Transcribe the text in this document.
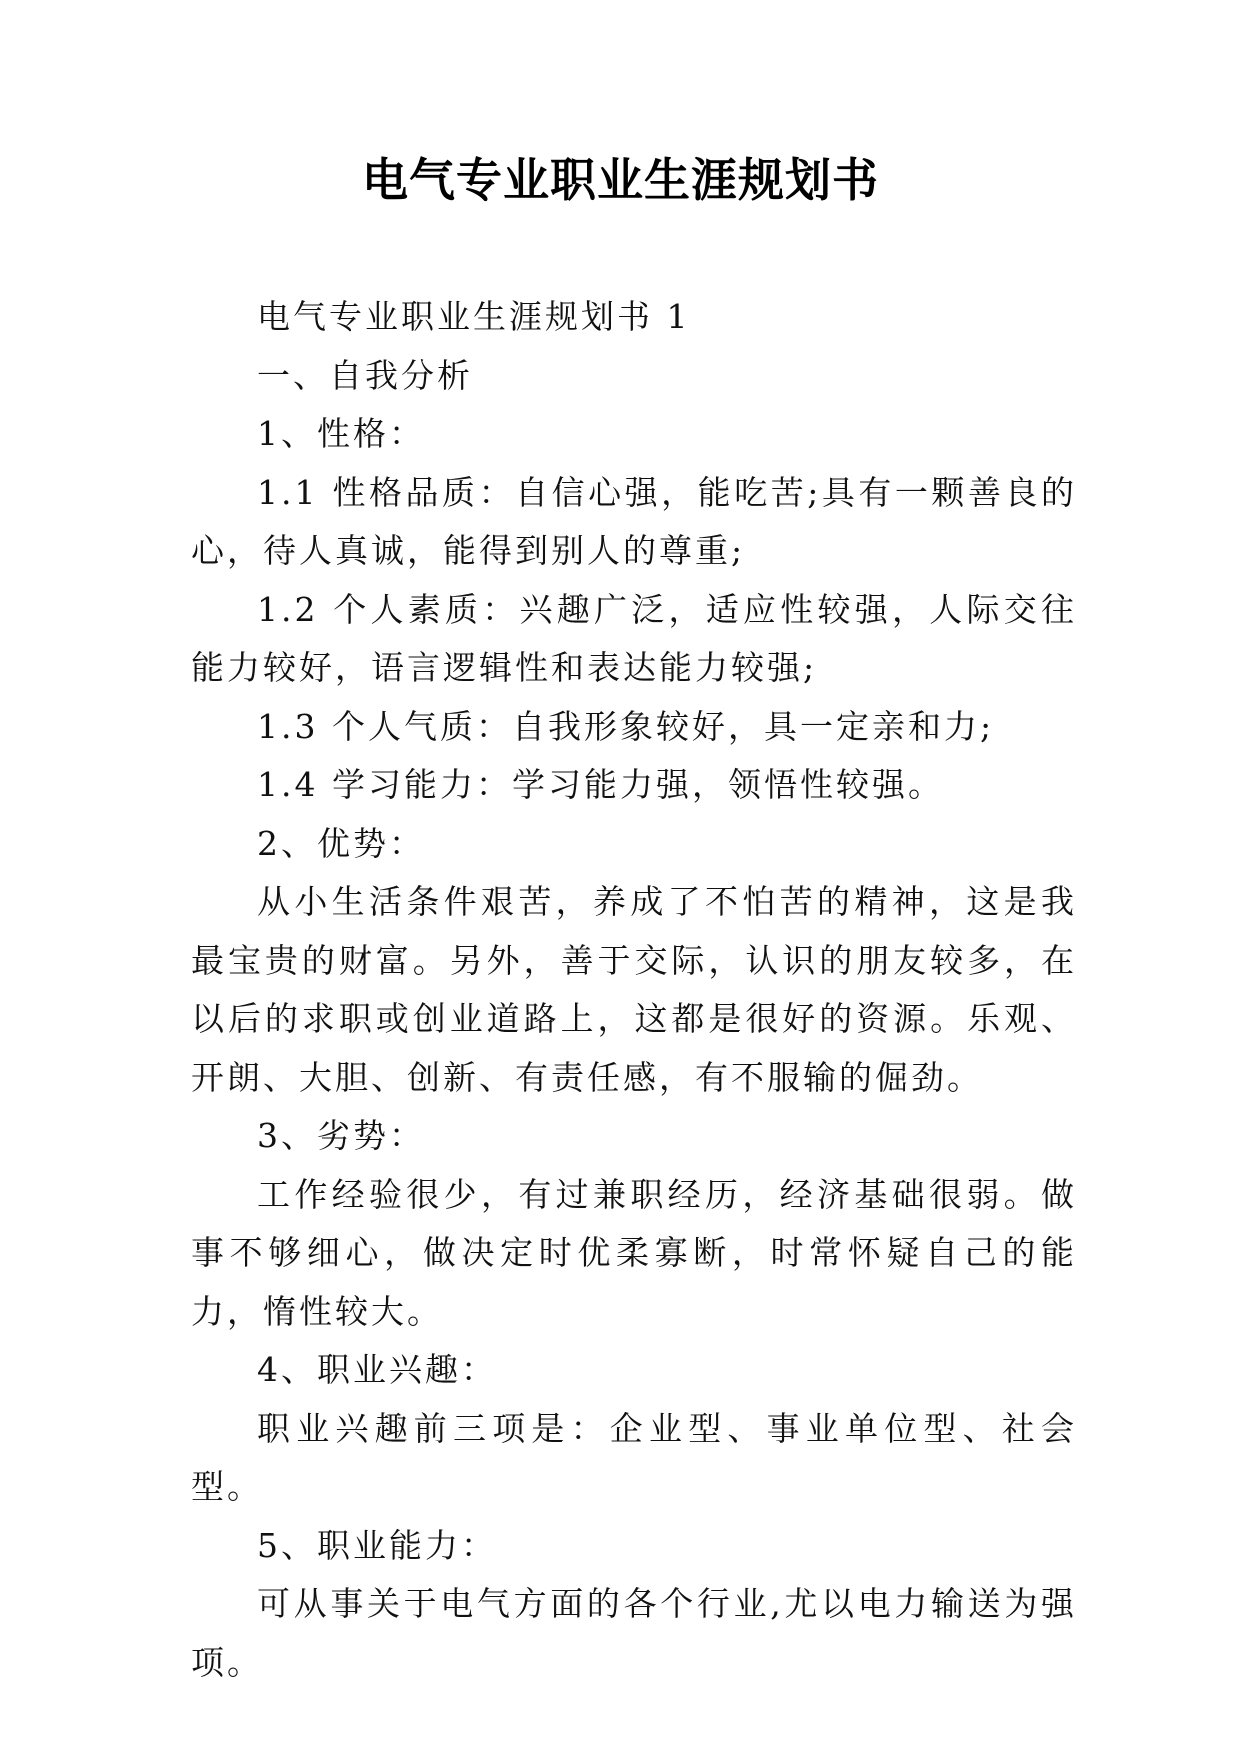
电气专业职业生涯规划书

电气专业职业生涯规划书 1

一、自我分析

1、性格：

1.1 性格品质：自信心强，能吃苦;具有一颗善良的心，待人真诚，能得到别人的尊重;

1.2 个人素质：兴趣广泛，适应性较强，人际交往能力较好，语言逻辑性和表达能力较强;

1.3 个人气质：自我形象较好，具一定亲和力;

1.4 学习能力：学习能力强，领悟性较强。

2、优势：

从小生活条件艰苦，养成了不怕苦的精神，这是我最宝贵的财富。另外，善于交际，认识的朋友较多，在以后的求职或创业道路上，这都是很好的资源。乐观、开朗、大胆、创新、有责任感，有不服输的倔劲。

3、劣势：

工作经验很少，有过兼职经历，经济基础很弱。做事不够细心，做决定时优柔寡断，时常怀疑自己的能力，惰性较大。

4、职业兴趣：

职业兴趣前三项是：企业型、事业单位型、社会型。

5、职业能力：

可从事关于电气方面的各个行业,尤以电力输送为强项。
